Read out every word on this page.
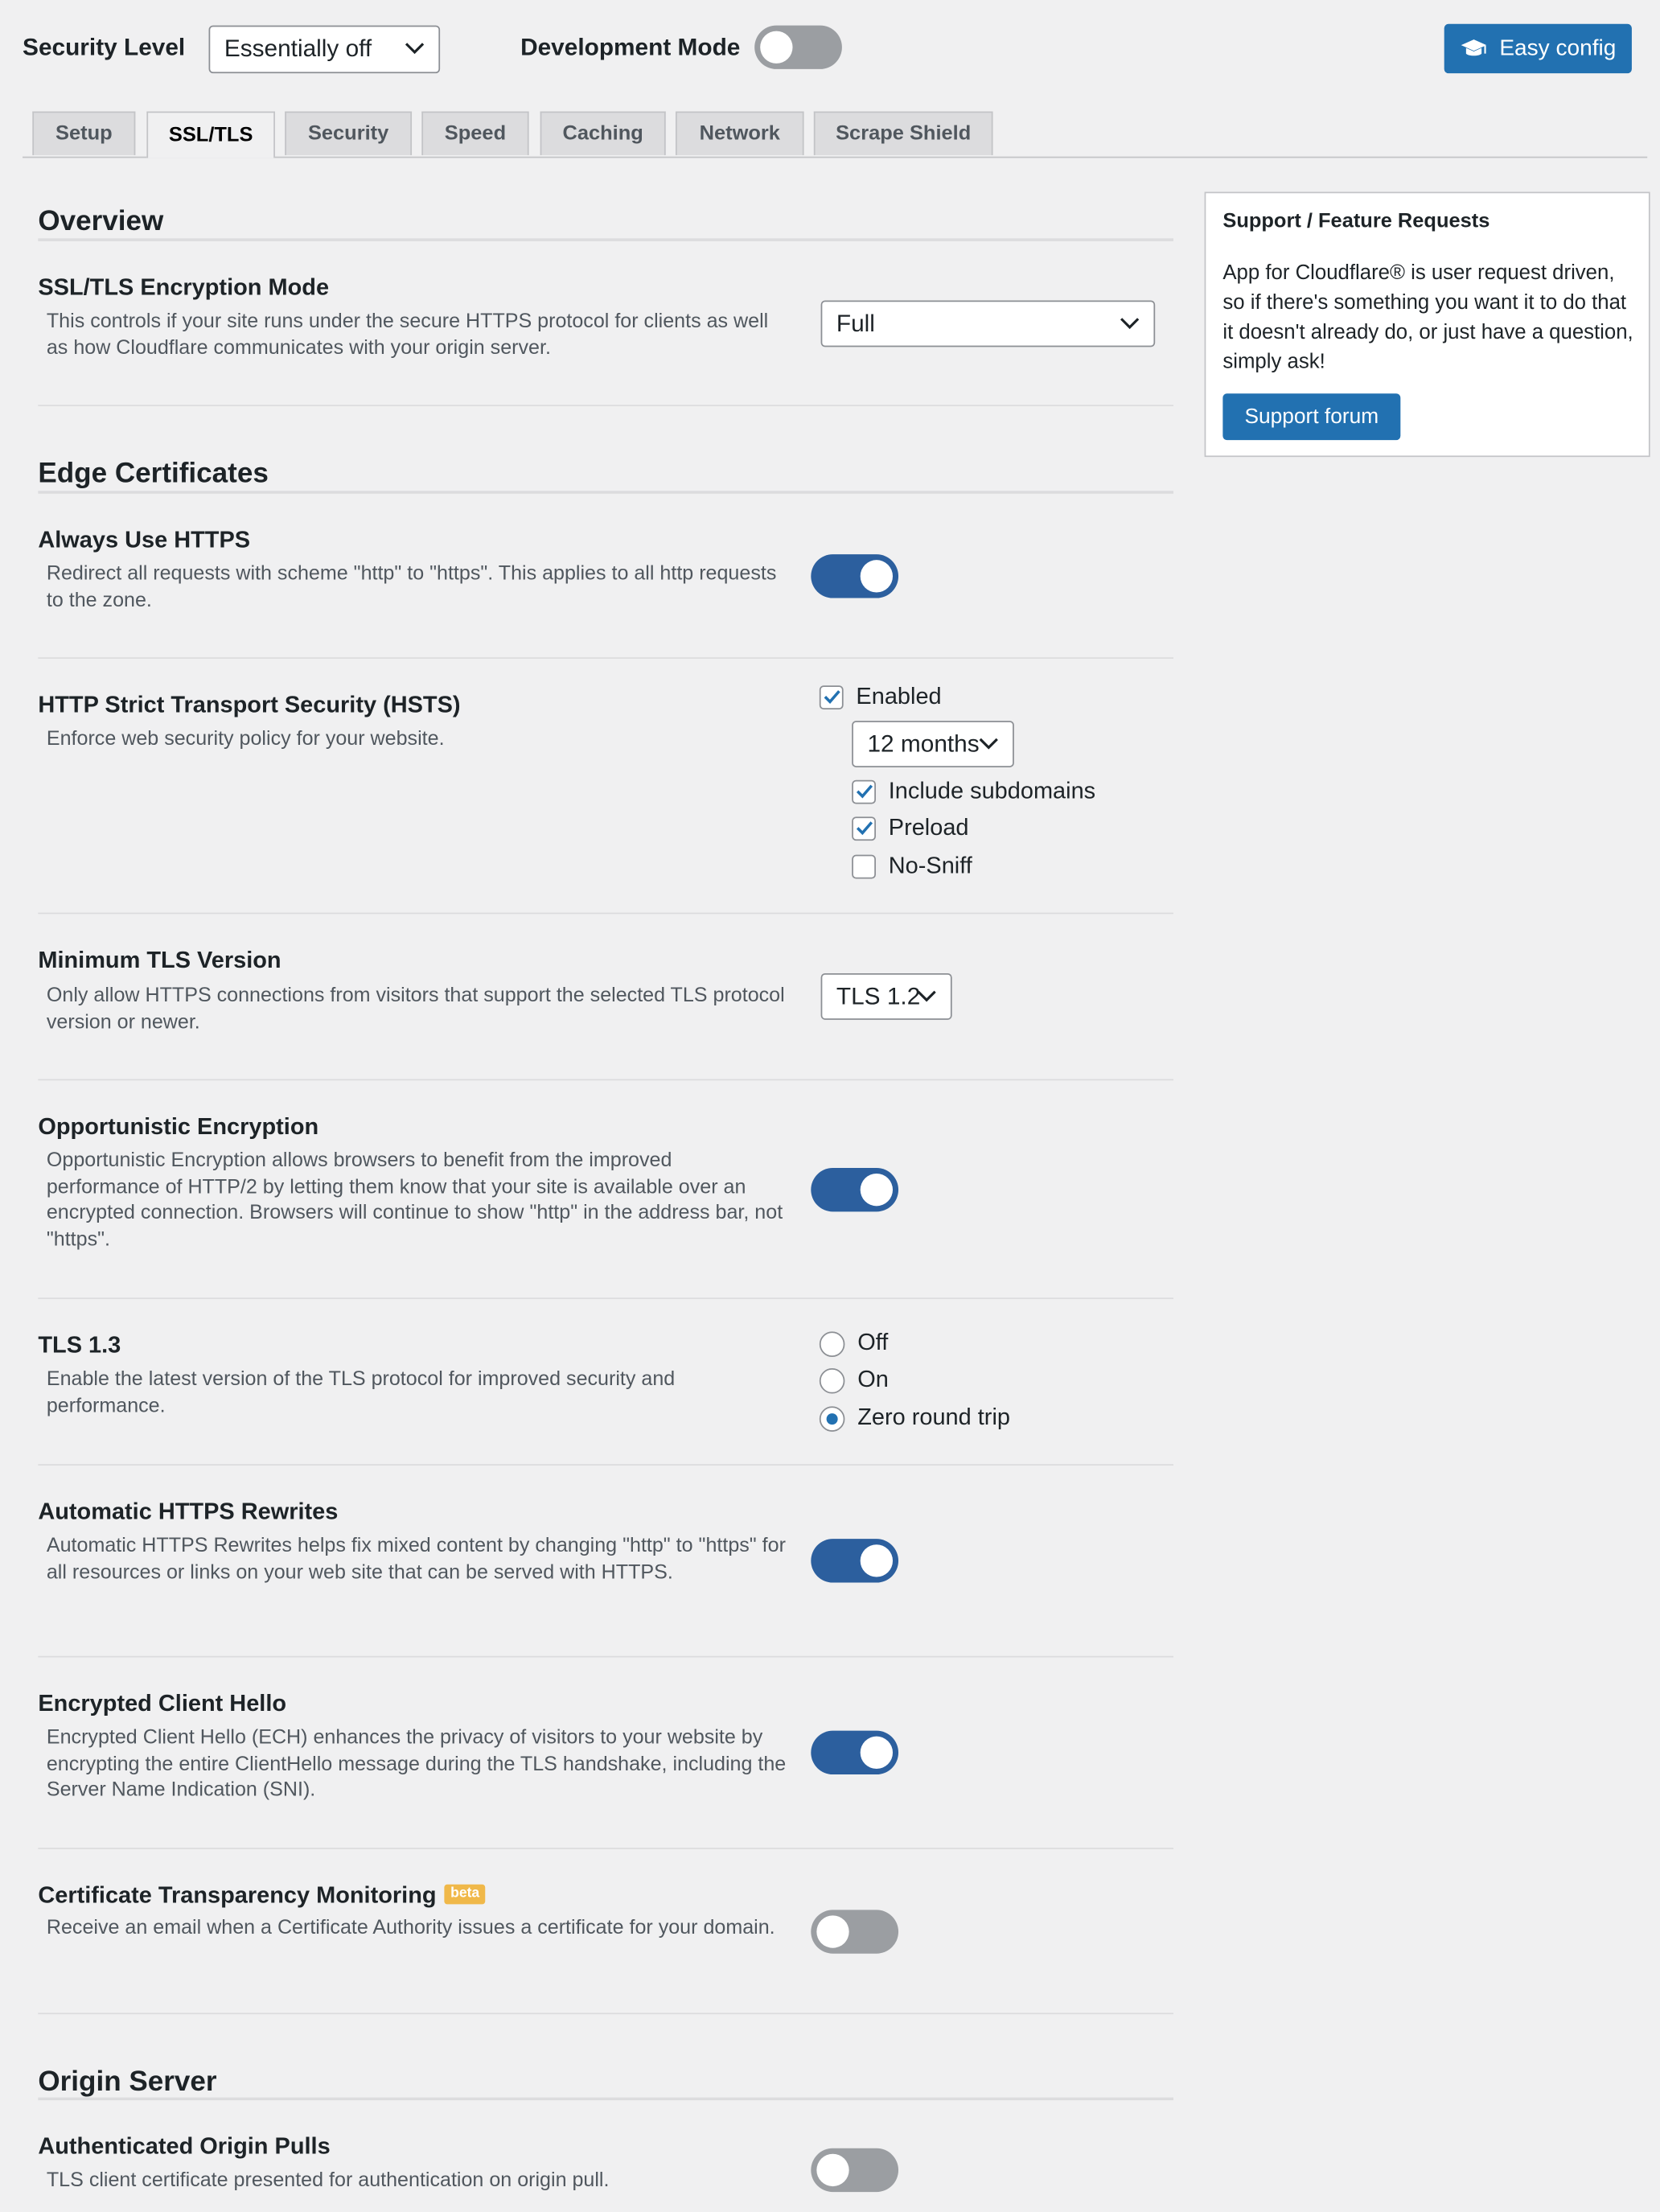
Security Level	Essentially off	Development Mode	Easy config
Setup	SSL/TLS	Security	Speed	Caching	Network	Scrape Shield
Overview
SSL/TLS Encryption Mode
This controls if your site runs under the secure HTTPS protocol for clients as well as how Cloudflare communicates with your origin server.
Full
Edge Certificates
Always Use HTTPS
Redirect all requests with scheme "http" to "https". This applies to all http requests to the zone.
HTTP Strict Transport Security (HSTS)
Enforce web security policy for your website.
Enabled
12 months
Include subdomains
Preload
No-Sniff
Minimum TLS Version
Only allow HTTPS connections from visitors that support the selected TLS protocol version or newer.
TLS 1.2
Opportunistic Encryption
Opportunistic Encryption allows browsers to benefit from the improved performance of HTTP/2 by letting them know that your site is available over an encrypted connection. Browsers will continue to show "http" in the address bar, not "https".
TLS 1.3
Enable the latest version of the TLS protocol for improved security and performance.
Off
On
Zero round trip
Automatic HTTPS Rewrites
Automatic HTTPS Rewrites helps fix mixed content by changing "http" to "https" for all resources or links on your web site that can be served with HTTPS.
Encrypted Client Hello
Encrypted Client Hello (ECH) enhances the privacy of visitors to your website by encrypting the entire ClientHello message during the TLS handshake, including the Server Name Indication (SNI).
Certificate Transparency Monitoring beta
Receive an email when a Certificate Authority issues a certificate for your domain.
Origin Server
Authenticated Origin Pulls
TLS client certificate presented for authentication on origin pull.
Support / Feature Requests
App for Cloudflare® is user request driven, so if there's something you want it to do that it doesn't already do, or just have a question, simply ask!
Support forum
